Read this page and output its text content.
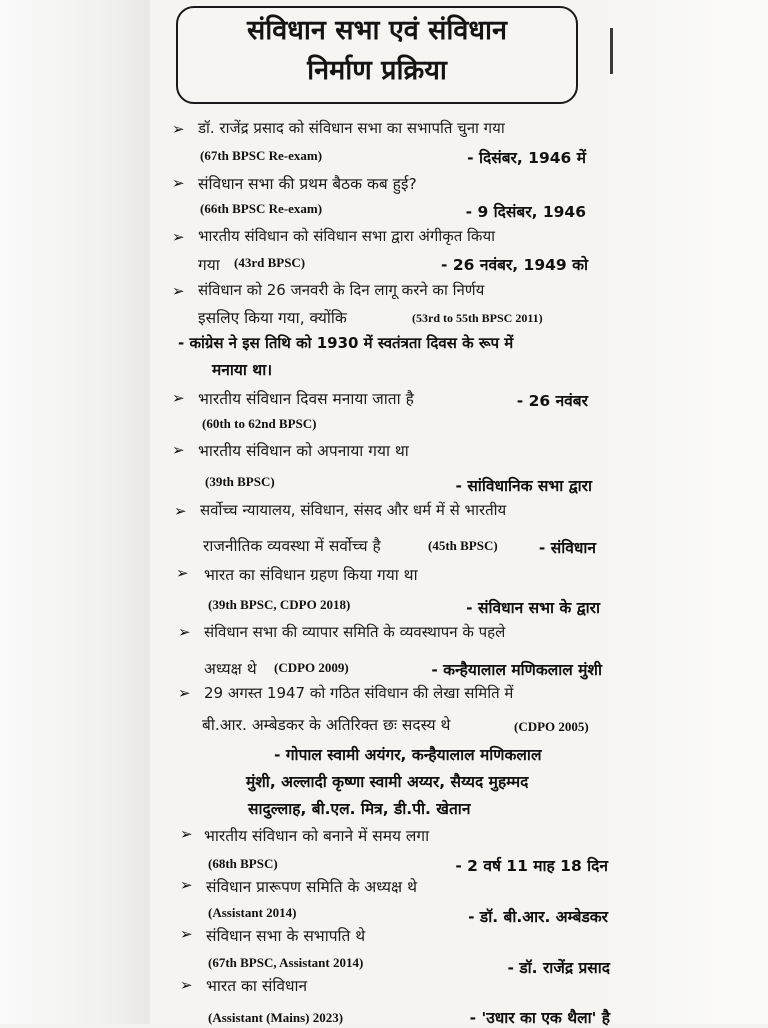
संविधान सभा एवं संविधान
निर्माण प्रक्रिया
➢ डॉ. राजेंद्र प्रसाद को संविधान सभा का सभापति चुना गया
(67th BPSC Re-exam)	- दिसंबर, 1946 में
➢ संविधान सभा की प्रथम बैठक कब हुई?
(66th BPSC Re-exam)	- 9 दिसंबर, 1946
➢ भारतीय संविधान को संविधान सभा द्वारा अंगीकृत किया
गया (43rd BPSC)	- 26 नवंबर, 1949 को
➢ संविधान को 26 जनवरी के दिन लागू करने का निर्णय
इसलिए किया गया, क्योंकि	(53rd to 55th BPSC 2011)
- कांग्रेस ने इस तिथि को 1930 में स्वतंत्रता दिवस के रूप में
मनाया था।
➢ भारतीय संविधान दिवस मनाया जाता है	- 26 नवंबर
(60th to 62nd BPSC)
➢ भारतीय संविधान को अपनाया गया था
(39th BPSC)	- सांविधानिक सभा द्वारा
➢ सर्वोच्च न्यायालय, संविधान, संसद और धर्म में से भारतीय
राजनीतिक व्यवस्था में सर्वोच्च है	(45th BPSC)	- संविधान
➢ भारत का संविधान ग्रहण किया गया था
(39th BPSC, CDPO 2018)	- संविधान सभा के द्वारा
➢ संविधान सभा की व्यापार समिति के व्यवस्थापन के पहले
अध्यक्ष थे (CDPO 2009)	- कन्हैयालाल मणिकलाल मुंशी
➢ 29 अगस्त 1947 को गठित संविधान की लेखा समिति में
बी.आर. अम्बेडकर के अतिरिक्त छः सदस्य थे	(CDPO 2005)
- गोपाल स्वामी अयंगर, कन्हैयालाल मणिकलाल
मुंशी, अल्लादी कृष्णा स्वामी अय्यर, सैय्यद मुहम्मद
सादुल्लाह, बी.एल. मित्र, डी.पी. खेतान
➢ भारतीय संविधान को बनाने में समय लगा
(68th BPSC)	- 2 वर्ष 11 माह 18 दिन
➢ संविधान प्रारूपण समिति के अध्यक्ष थे
(Assistant 2014)	- डॉ. बी.आर. अम्बेडकर
➢ संविधान सभा के सभापति थे
(67th BPSC, Assistant 2014)	- डॉ. राजेंद्र प्रसाद
➢ भारत का संविधान
(Assistant (Mains) 2023)	- 'उधार का एक थैला' है
